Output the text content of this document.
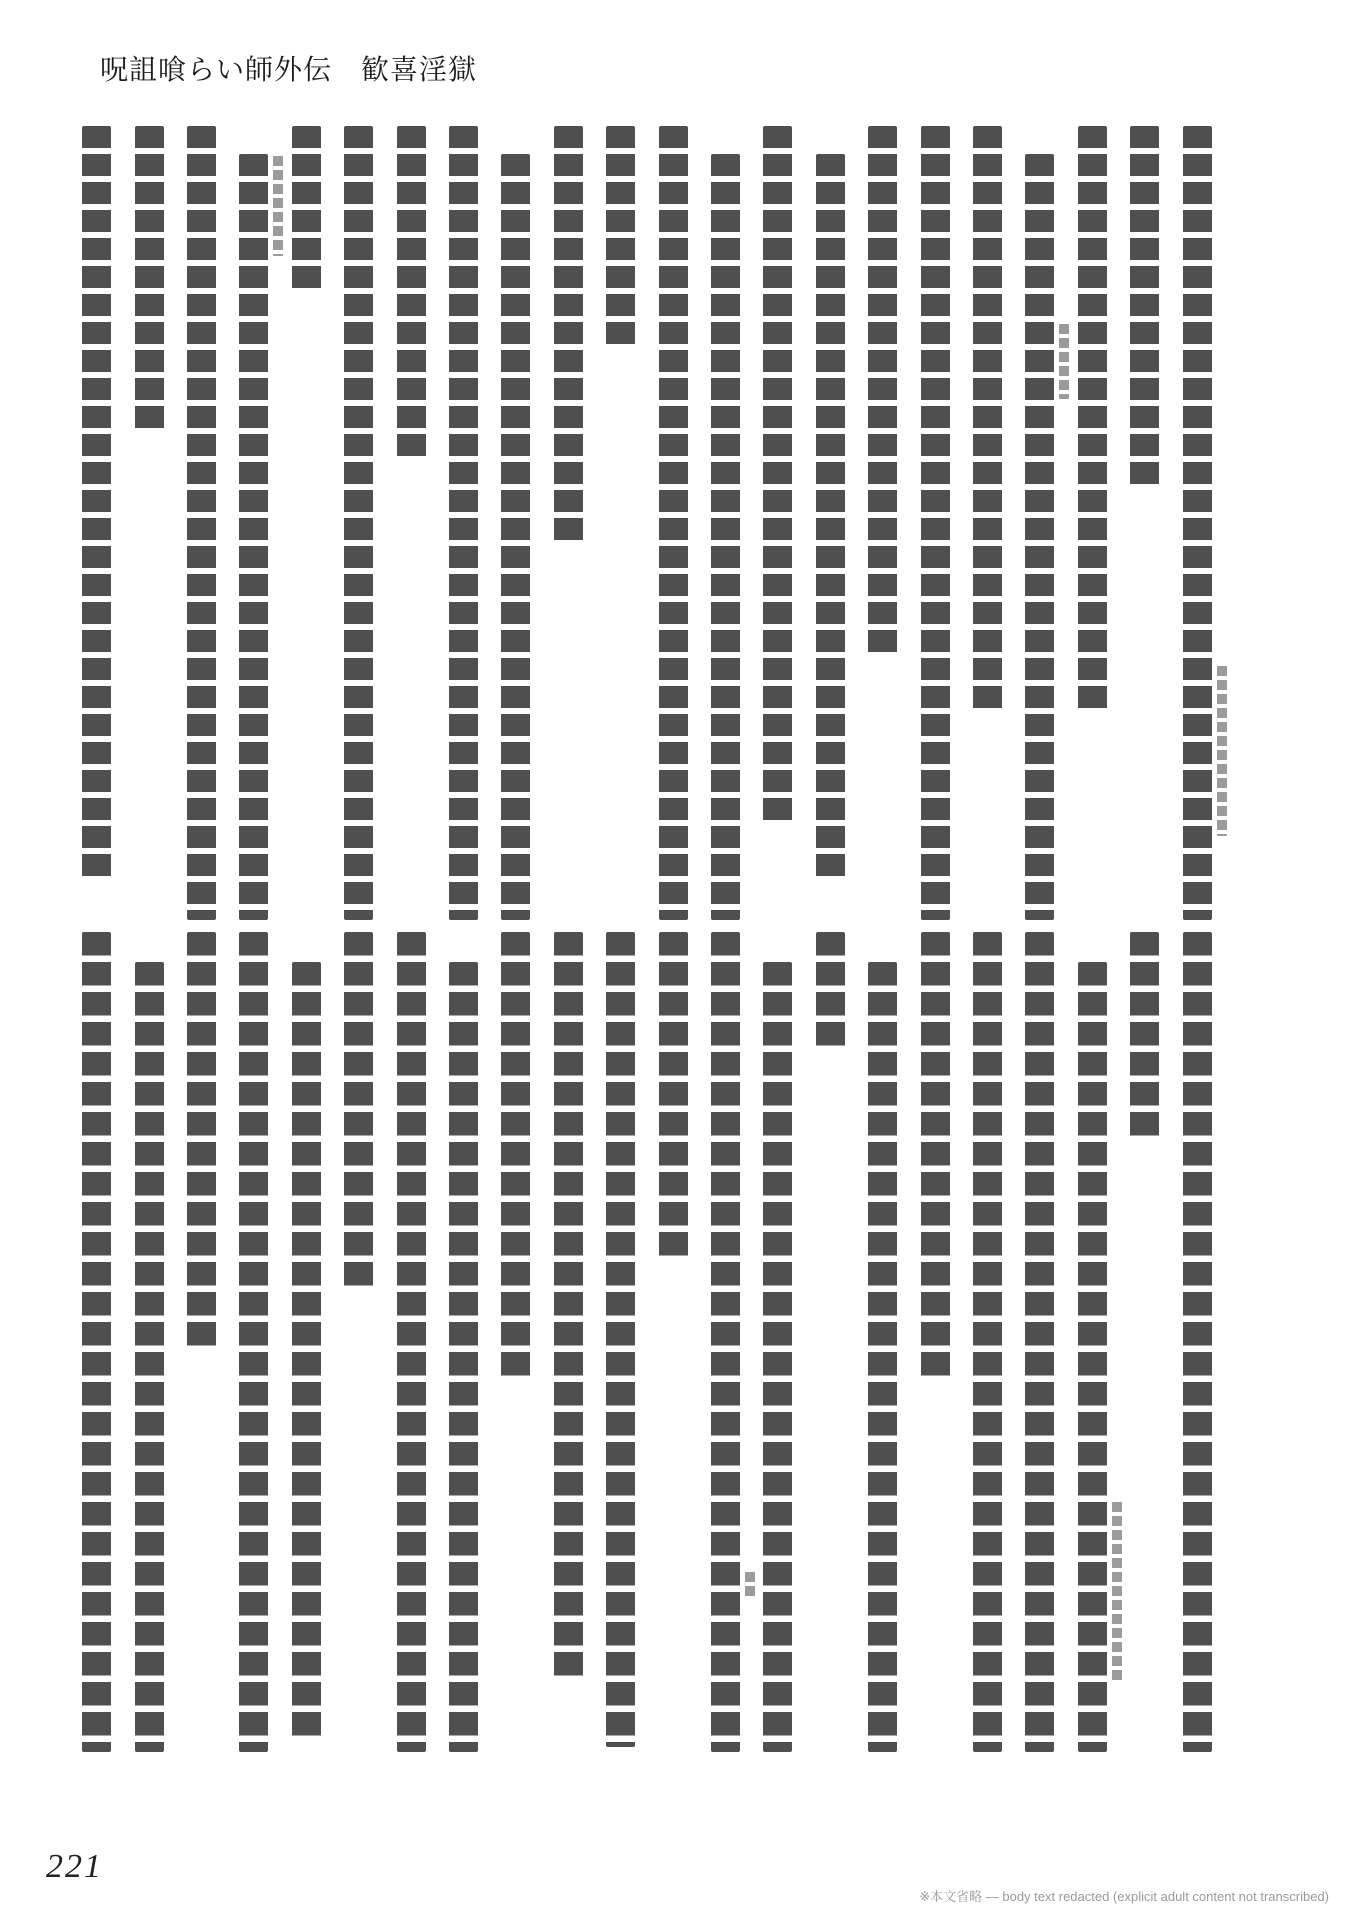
呪詛喰らい師外伝　歓喜淫獄
221
※本文省略 — body text redacted (explicit adult content not transcribed)
